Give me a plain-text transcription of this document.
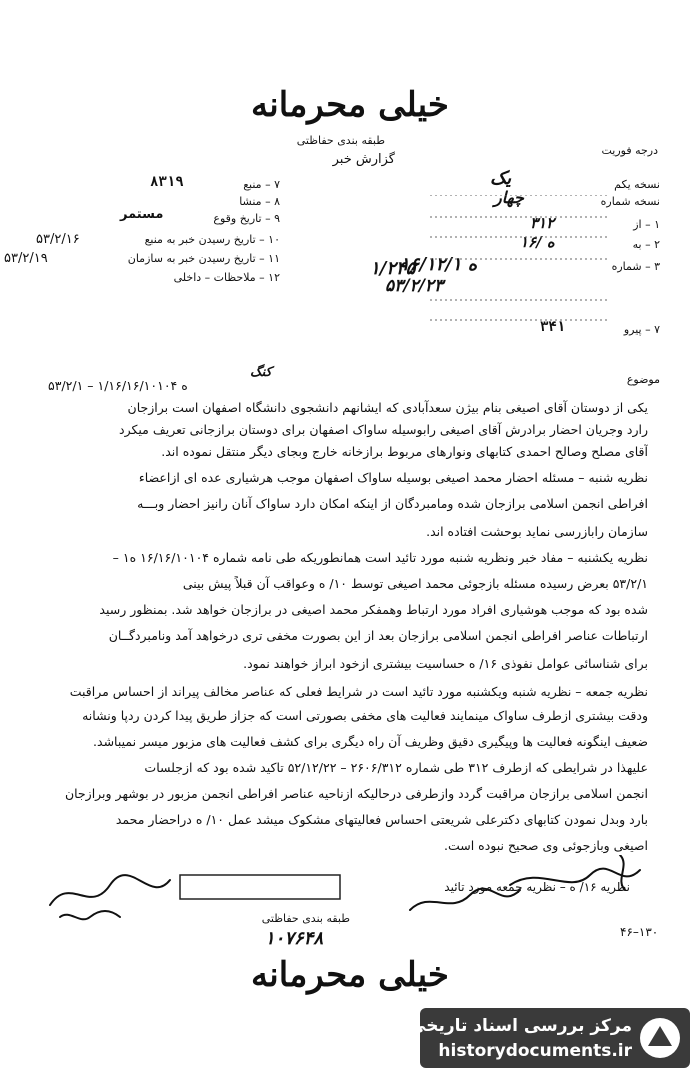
خیلی محرمانه
طبقه بندی حفاظتی
گزارش خبر
درجه فوریت
۷ – منبع
۸۳۱۹
۸ – منشا
۹ – تاریخ وقوع
مستمر
۱۰ – تاریخ رسیدن خبر به منبع
۵۳/۲/۱۶
۱۱ – تاریخ رسیدن خبر به سازمان
۵۳/۲/۱۹
۱۲ – ملاحظات – داخلی
نسخه یکم
یک
نسخه شماره
چهار
۱ – از
۳۱۲
۲ – به
۱۶/ ه
۳ – شماره
۱۶/۱۲/ه ۱
۱/۲۴۵
۵۳/۲/۲۳
۷ – پیرو
۳۴۱
موضوع
کنگ
۵۳/۲/۱ – ۱/ه ۱۶/۱۶/۱۰۱۰۴
یکی از دوستان آقای اصیغی بنام بیژن سعدآبادی که ایشانهم دانشجوی دانشگاه اصفهان است برازجان
رارد وجریان احضار برادرش آقای اصیغی رابوسیله ساواک اصفهان برای دوستان برازجانی تعریف میکرد
آقای مصلح وصالح احمدی کتابهای ونوارهای مربوط برازخانه خارج وبجای دیگر منتقل نموده اند.
نظریه شنبه – مسئله احضار محمد اصیغی بوسیله ساواک اصفهان موجب هرشیاری عده ای ازاعضاء
افراطی انجمن اسلامی برازجان شده ومامبردگان از اینکه امکان دارد ساواک آنان رانیز احضار وبـــه
سازمان رابازرسی نماید بوحشت افتاده اند.
نظریه یکشنبه – مفاد خبر ونظریه شنبه مورد تائید است همانطوریکه طی نامه شماره ۱۶/۱۶/۱۰۱۰۴ ه۱ –
۵۳/۲/۱ بعرض رسیده مسئله بازجوئی محمد اصیغی توسط ۱۰/ ه وعواقب آن قبلاً پیش بینی
شده بود که موجب هوشیاری افراد مورد ارتباط وهمفکر محمد اصیغی در برازجان خواهد شد. بمنظور رسید
ارتباطات عناصر افراطی انجمن اسلامی برازجان بعد از این بصورت مخفی تری درخواهد آمد ونامبردگــان
برای شناسائی عوامل نفوذی ۱۶/ ه حساسیت بیشتری ازخود ابراز خواهند نمود.
نظریه جمعه – نظریه شنبه ویکشنبه مورد تائید است در شرایط فعلی که عناصر مخالف پیراند از احساس مراقبت
ودقت بیشتری ازطرف ساواک مینمایند فعالیت های مخفی بصورتی است که جزاز طریق پیدا کردن ردپا ونشانه
ضعیف اینگونه فعالیت ها وپیگیری دقیق وظریف آن راه دیگری برای کشف فعالیت های مزبور میسر نمیباشد.
علیهذا در شرایطی که ازطرف ۳۱۲ طی شماره ۲۶۰۶/۳۱۲ – ۵۲/۱۲/۲۲ تاکید شده بود که ازجلسات
انجمن اسلامی برازجان مراقبت گردد وازطرفی درحالیکه ازناحیه عناصر افراطی انجمن مزبور در بوشهر وبرازجان
بارد وبدل نمودن کتابهای دکترعلی شریعتی احساس فعالیتهای مشکوک میشد عمل ۱۰/ ه دراحضار محمد
اصیغی وبازجوئی وی صحیح نبوده است.
نظریه ۱۶/ ه – نظریه جمعه مورد تائید
طبقه بندی حفاظتی
۱۰۷۶۴۸	۴۶–۱۳۰
خیلی محرمانه
مرکز بررسی اسناد تاریخی
historydocuments.ir
